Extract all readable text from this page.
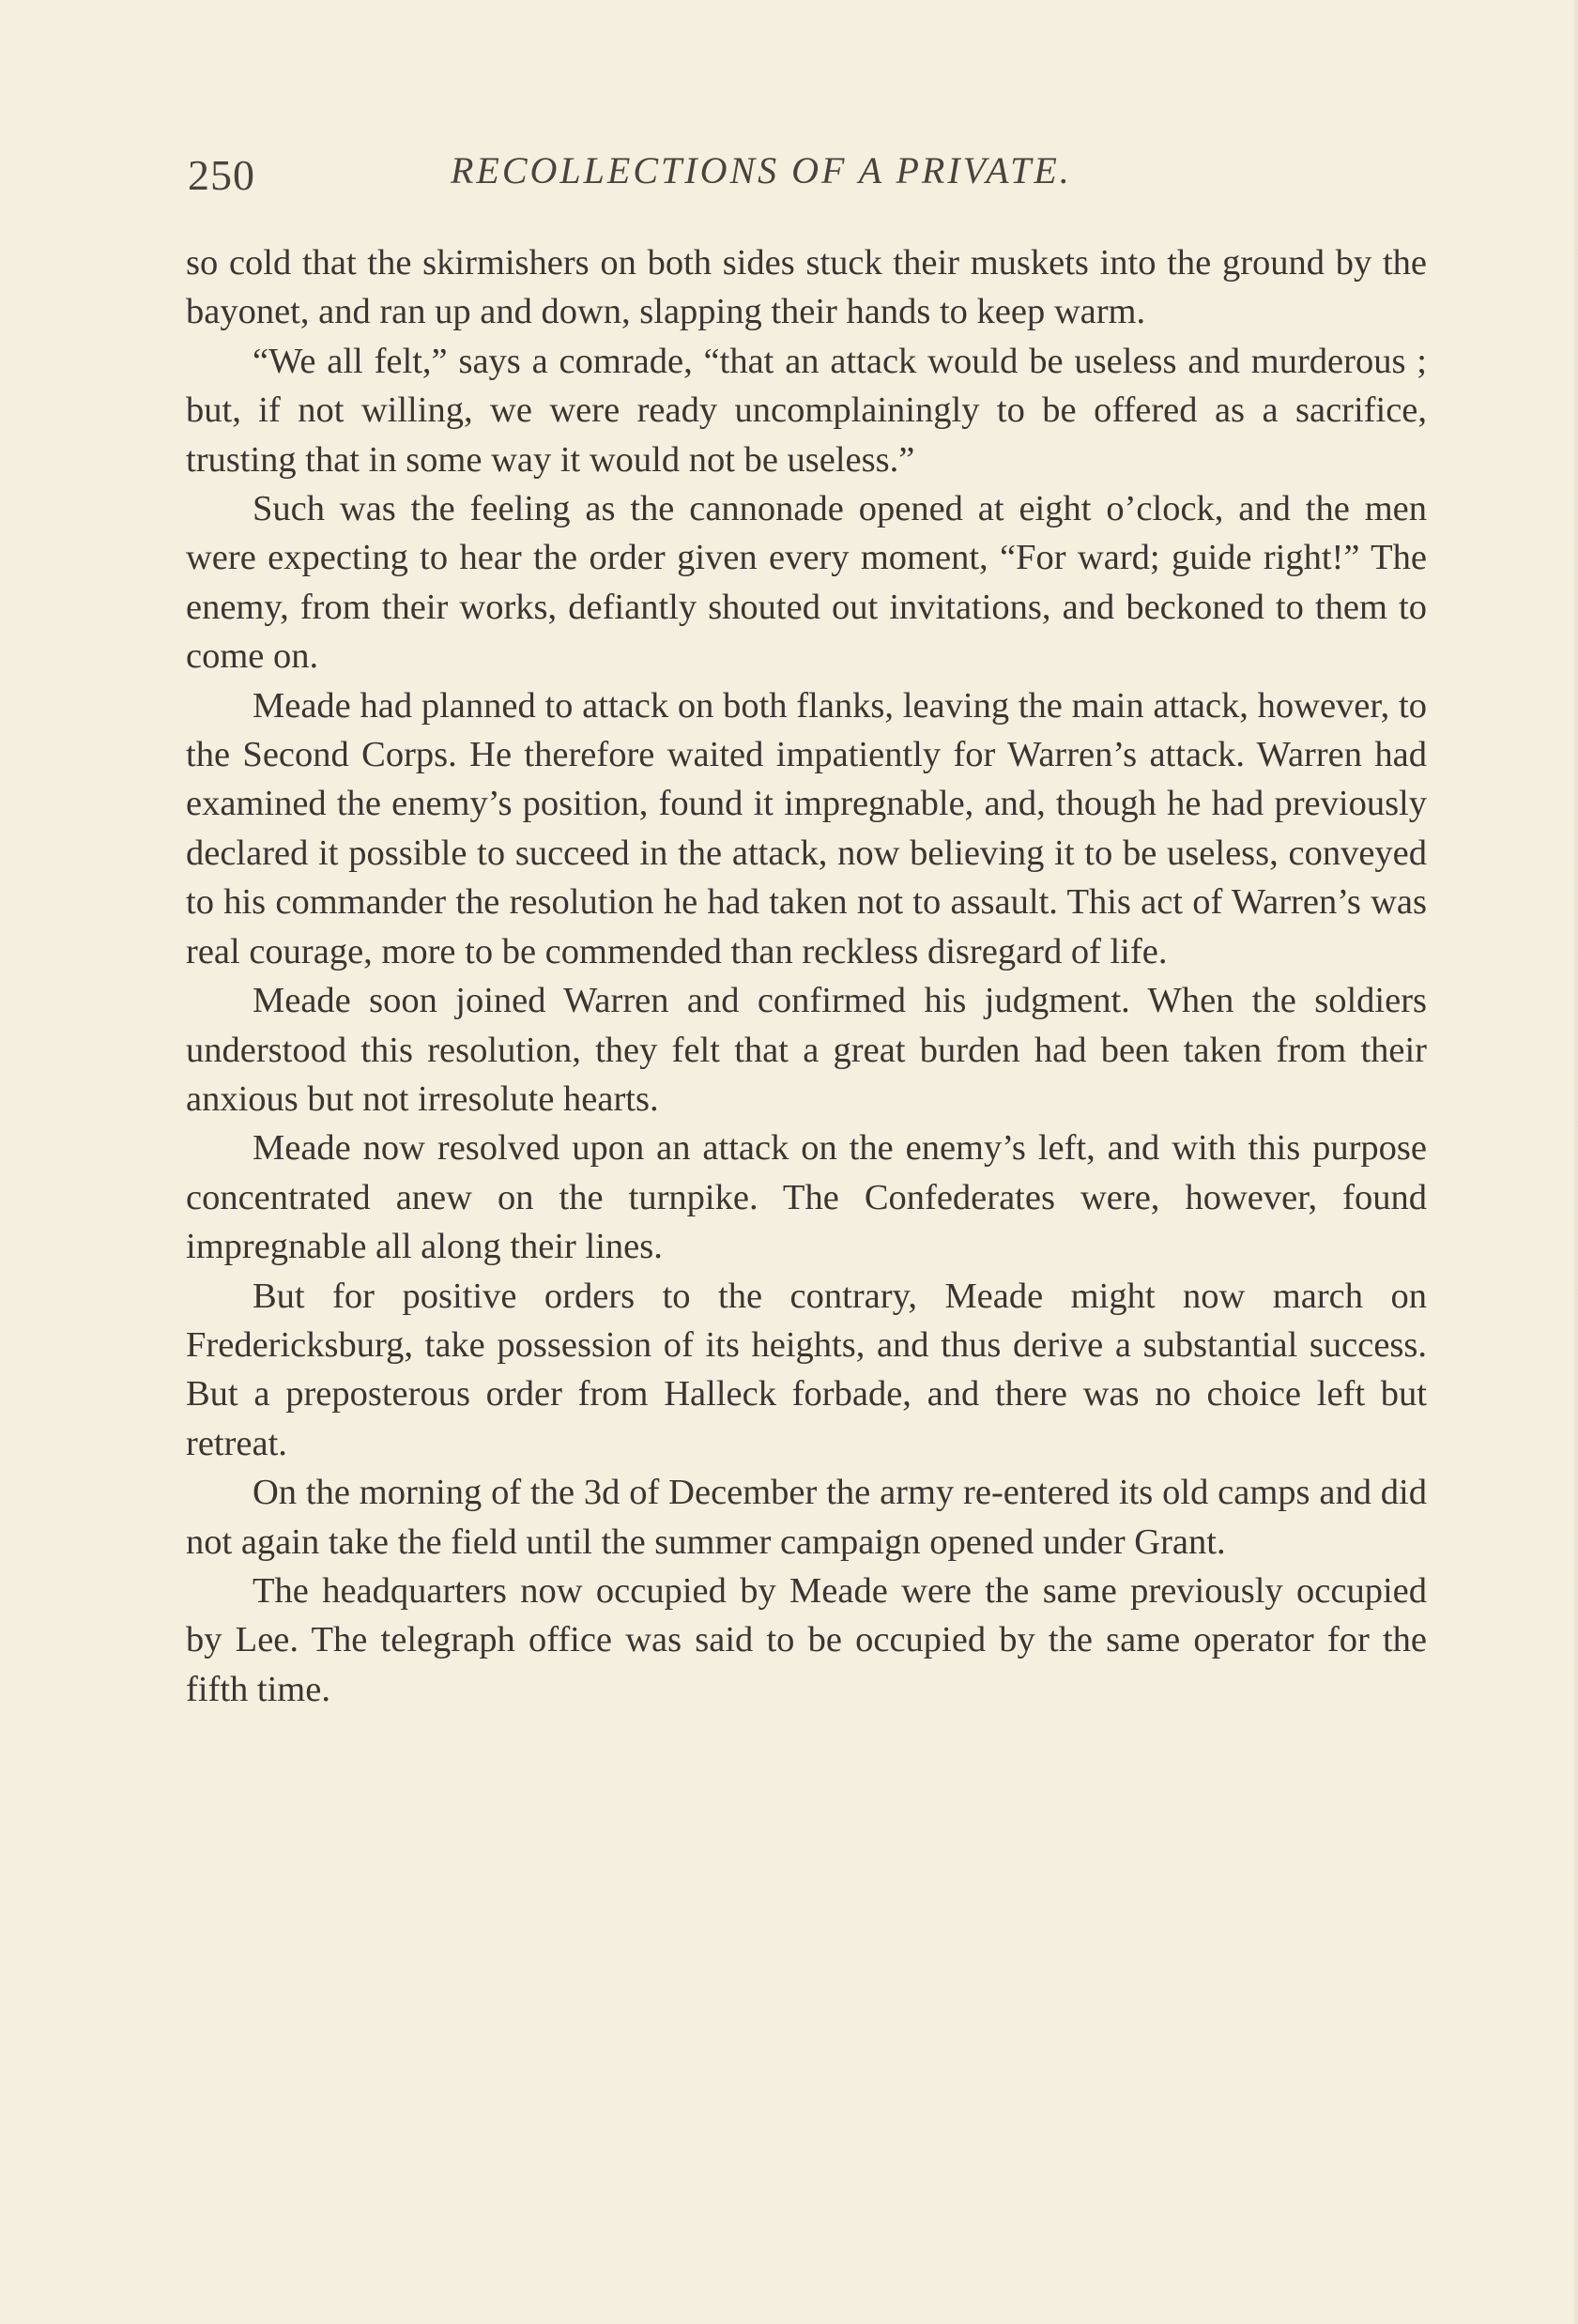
250	RECOLLECTIONS OF A PRIVATE.

so cold that the skirmishers on both sides stuck their muskets into the ground by the bayonet, and ran up and down, slapping their hands to keep warm.

“We all felt,” says a comrade, “that an attack would be useless and murderous ; but, if not willing, we were ready uncomplainingly to be offered as a sacrifice, trusting that in some way it would not be useless.”

Such was the feeling as the cannonade opened at eight o’clock, and the men were expecting to hear the order given every moment, “For ward; guide right!” The enemy, from their works, defiantly shouted out invitations, and beckoned to them to come on.

Meade had planned to attack on both flanks, leaving the main attack, however, to the Second Corps. He therefore waited impatiently for Warren’s attack. Warren had examined the enemy’s position, found it impregnable, and, though he had previously declared it possible to succeed in the attack, now believing it to be useless, conveyed to his commander the resolution he had taken not to assault. This act of Warren’s was real courage, more to be commended than reckless disregard of life.

Meade soon joined Warren and confirmed his judgment. When the soldiers understood this resolution, they felt that a great burden had been taken from their anxious but not irresolute hearts.

Meade now resolved upon an attack on the enemy’s left, and with this purpose concentrated anew on the turnpike. The Confederates were, however, found impregnable all along their lines.

But for positive orders to the contrary, Meade might now march on Fredericksburg, take possession of its heights, and thus derive a substantial success. But a preposterous order from Halleck forbade, and there was no choice left but retreat.

On the morning of the 3d of December the army re-entered its old camps and did not again take the field until the summer campaign opened under Grant.

The headquarters now occupied by Meade were the same previously occupied by Lee. The telegraph office was said to be occupied by the same operator for the fifth time.
